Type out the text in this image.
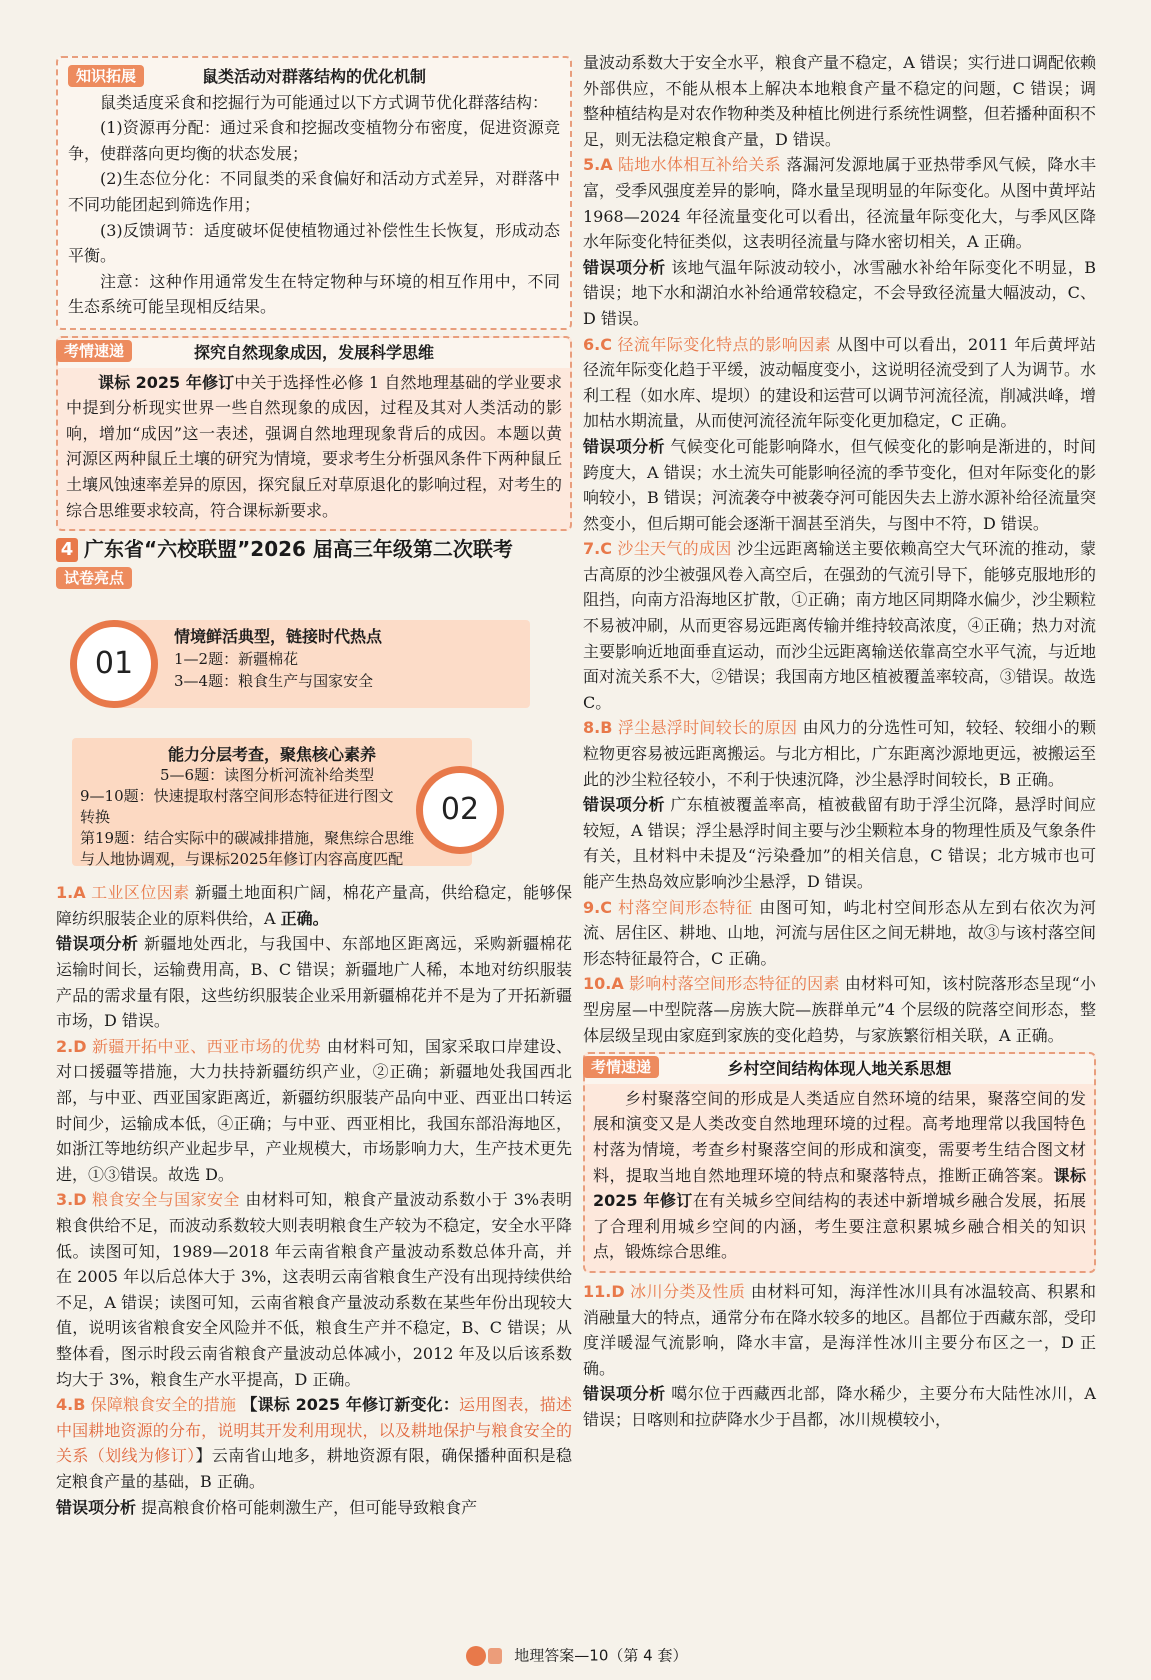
知识拓展	鼠类活动对群落结构的优化机制

鼠类适度采食和挖掘行为可能通过以下方式调节优化群落结构：

(1)资源再分配：通过采食和挖掘改变植物分布密度，促进资源竞争，使群落向更均衡的状态发展；

(2)生态位分化：不同鼠类的采食偏好和活动方式差异，对群落中不同功能团起到筛选作用；

(3)反馈调节：适度破坏促使植物通过补偿性生长恢复，形成动态平衡。

注意：这种作用通常发生在特定物种与环境的相互作用中，不同生态系统可能呈现相反结果。

考情速递	探究自然现象成因，发展科学思维

课标 2025 年修订中关于选择性必修 1 自然地理基础的学业要求中提到分析现实世界一些自然现象的成因，过程及其对人类活动的影响，增加“成因”这一表述，强调自然地理现象背后的成因。本题以黄河源区两种鼠丘土壤的研究为情境，要求考生分析强风条件下两种鼠丘土壤风蚀速率差异的原因，探究鼠丘对草原退化的影响过程，对考生的综合思维要求较高，符合课标新要求。

4 广东省“六校联盟”2026 届高三年级第二次联考
试卷亮点
情境鲜活典型，链接时代热点
1—2题：新疆棉花
3—4题：粮食生产与国家安全
01
能力分层考查，聚焦核心素养
5—6题：读图分析河流补给类型
9—10题：快速提取村落空间形态特征进行图文转换
第19题：结合实际中的碳减排措施，聚焦综合思维与人地协调观，与课标2025年修订内容高度匹配
02

1.A 工业区位因素 新疆土地面积广阔，棉花产量高，供给稳定，能够保障纺织服装企业的原料供给，A 正确。

错误项分析 新疆地处西北，与我国中、东部地区距离远，采购新疆棉花运输时间长，运输费用高，B、C 错误；新疆地广人稀，本地对纺织服装产品的需求量有限，这些纺织服装企业采用新疆棉花并不是为了开拓新疆市场，D 错误。

2.D 新疆开拓中亚、西亚市场的优势 由材料可知，国家采取口岸建设、对口援疆等措施，大力扶持新疆纺织产业，②正确；新疆地处我国西北部，与中亚、西亚国家距离近，新疆纺织服装产品向中亚、西亚出口转运时间少，运输成本低，④正确；与中亚、西亚相比，我国东部沿海地区，如浙江等地纺织产业起步早，产业规模大，市场影响力大，生产技术更先进，①③错误。故选 D。

3.D 粮食安全与国家安全 由材料可知，粮食产量波动系数小于 3%表明粮食供给不足，而波动系数较大则表明粮食生产较为不稳定，安全水平降低。读图可知，1989—2018 年云南省粮食产量波动系数总体升高，并在 2005 年以后总体大于 3%，这表明云南省粮食生产没有出现持续供给不足，A 错误；读图可知，云南省粮食产量波动系数在某些年份出现较大值，说明该省粮食安全风险并不低，粮食生产并不稳定，B、C 错误；从整体看，图示时段云南省粮食产量波动总体减小，2012 年及以后该系数均大于 3%，粮食生产水平提高，D 正确。

4.B 保障粮食安全的措施 【课标 2025 年修订新变化：运用图表，描述中国耕地资源的分布，说明其开发利用现状，以及耕地保护与粮食安全的关系（划线为修订）】云南省山地多，耕地资源有限，确保播种面积是稳定粮食产量的基础，B 正确。

错误项分析 提高粮食价格可能刺激生产，但可能导致粮食产

量波动系数大于安全水平，粮食产量不稳定，A 错误；实行进口调配依赖外部供应，不能从根本上解决本地粮食产量不稳定的问题，C 错误；调整种植结构是对农作物种类及种植比例进行系统性调整，但若播种面积不足，则无法稳定粮食产量，D 错误。

5.A 陆地水体相互补给关系 落漏河发源地属于亚热带季风气候，降水丰富，受季风强度差异的影响，降水量呈现明显的年际变化。从图中黄坪站 1968—2024 年径流量变化可以看出，径流量年际变化大，与季风区降水年际变化特征类似，这表明径流量与降水密切相关，A 正确。

错误项分析 该地气温年际波动较小，冰雪融水补给年际变化不明显，B 错误；地下水和湖泊水补给通常较稳定，不会导致径流量大幅波动，C、D 错误。

6.C 径流年际变化特点的影响因素 从图中可以看出，2011 年后黄坪站径流年际变化趋于平缓，波动幅度变小，这说明径流受到了人为调节。水利工程（如水库、堤坝）的建设和运营可以调节河流径流，削减洪峰，增加枯水期流量，从而使河流径流年际变化更加稳定，C 正确。

错误项分析 气候变化可能影响降水，但气候变化的影响是渐进的，时间跨度大，A 错误；水土流失可能影响径流的季节变化，但对年际变化的影响较小，B 错误；河流袭夺中被袭夺河可能因失去上游水源补给径流量突然变小，但后期可能会逐渐干涸甚至消失，与图中不符，D 错误。

7.C 沙尘天气的成因 沙尘远距离输送主要依赖高空大气环流的推动，蒙古高原的沙尘被强风卷入高空后，在强劲的气流引导下，能够克服地形的阻挡，向南方沿海地区扩散，①正确；南方地区同期降水偏少，沙尘颗粒不易被冲刷，从而更容易远距离传输并维持较高浓度，④正确；热力对流主要影响近地面垂直运动，而沙尘远距离输送依靠高空水平气流，与近地面对流关系不大，②错误；我国南方地区植被覆盖率较高，③错误。故选 C。

8.B 浮尘悬浮时间较长的原因 由风力的分选性可知，较轻、较细小的颗粒物更容易被远距离搬运。与北方相比，广东距离沙源地更远，被搬运至此的沙尘粒径较小，不利于快速沉降，沙尘悬浮时间较长，B 正确。

错误项分析 广东植被覆盖率高，植被截留有助于浮尘沉降，悬浮时间应较短，A 错误；浮尘悬浮时间主要与沙尘颗粒本身的物理性质及气象条件有关，且材料中未提及“污染叠加”的相关信息，C 错误；北方城市也可能产生热岛效应影响沙尘悬浮，D 错误。

9.C 村落空间形态特征 由图可知，屿北村空间形态从左到右依次为河流、居住区、耕地、山地，河流与居住区之间无耕地，故③与该村落空间形态特征最符合，C 正确。

10.A 影响村落空间形态特征的因素 由材料可知，该村院落形态呈现“小型房屋—中型院落—房族大院—族群单元”4 个层级的院落空间形态，整体层级呈现由家庭到家族的变化趋势，与家族繁衍相关联，A 正确。

考情速递	乡村空间结构体现人地关系思想

乡村聚落空间的形成是人类适应自然环境的结果，聚落空间的发展和演变又是人类改变自然地理环境的过程。高考地理常以我国特色村落为情境，考查乡村聚落空间的形成和演变，需要考生结合图文材料，提取当地自然地理环境的特点和聚落特点，推断正确答案。课标 2025 年修订在有关城乡空间结构的表述中新增城乡融合发展，拓展了合理利用城乡空间的内涵，考生要注意积累城乡融合相关的知识点，锻炼综合思维。

11.D 冰川分类及性质 由材料可知，海洋性冰川具有冰温较高、积累和消融量大的特点，通常分布在降水较多的地区。昌都位于西藏东部，受印度洋暖湿气流影响，降水丰富，是海洋性冰川主要分布区之一，D 正确。

错误项分析 噶尔位于西藏西北部，降水稀少，主要分布大陆性冰川，A 错误；日喀则和拉萨降水少于昌都，冰川规模较小，

地理答案—10（第 4 套）
